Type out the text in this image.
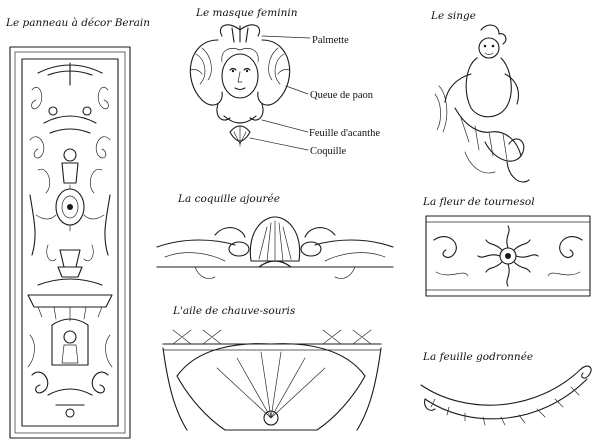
Le panneau à décor Berain
Le masque feminin	Le singe
La coquille ajourée	La fleur de tournesol
L'aile de chauve-souris
La feuille godronnée
Palmette
Queue de paon
Feuille d'acanthe
Coquille
